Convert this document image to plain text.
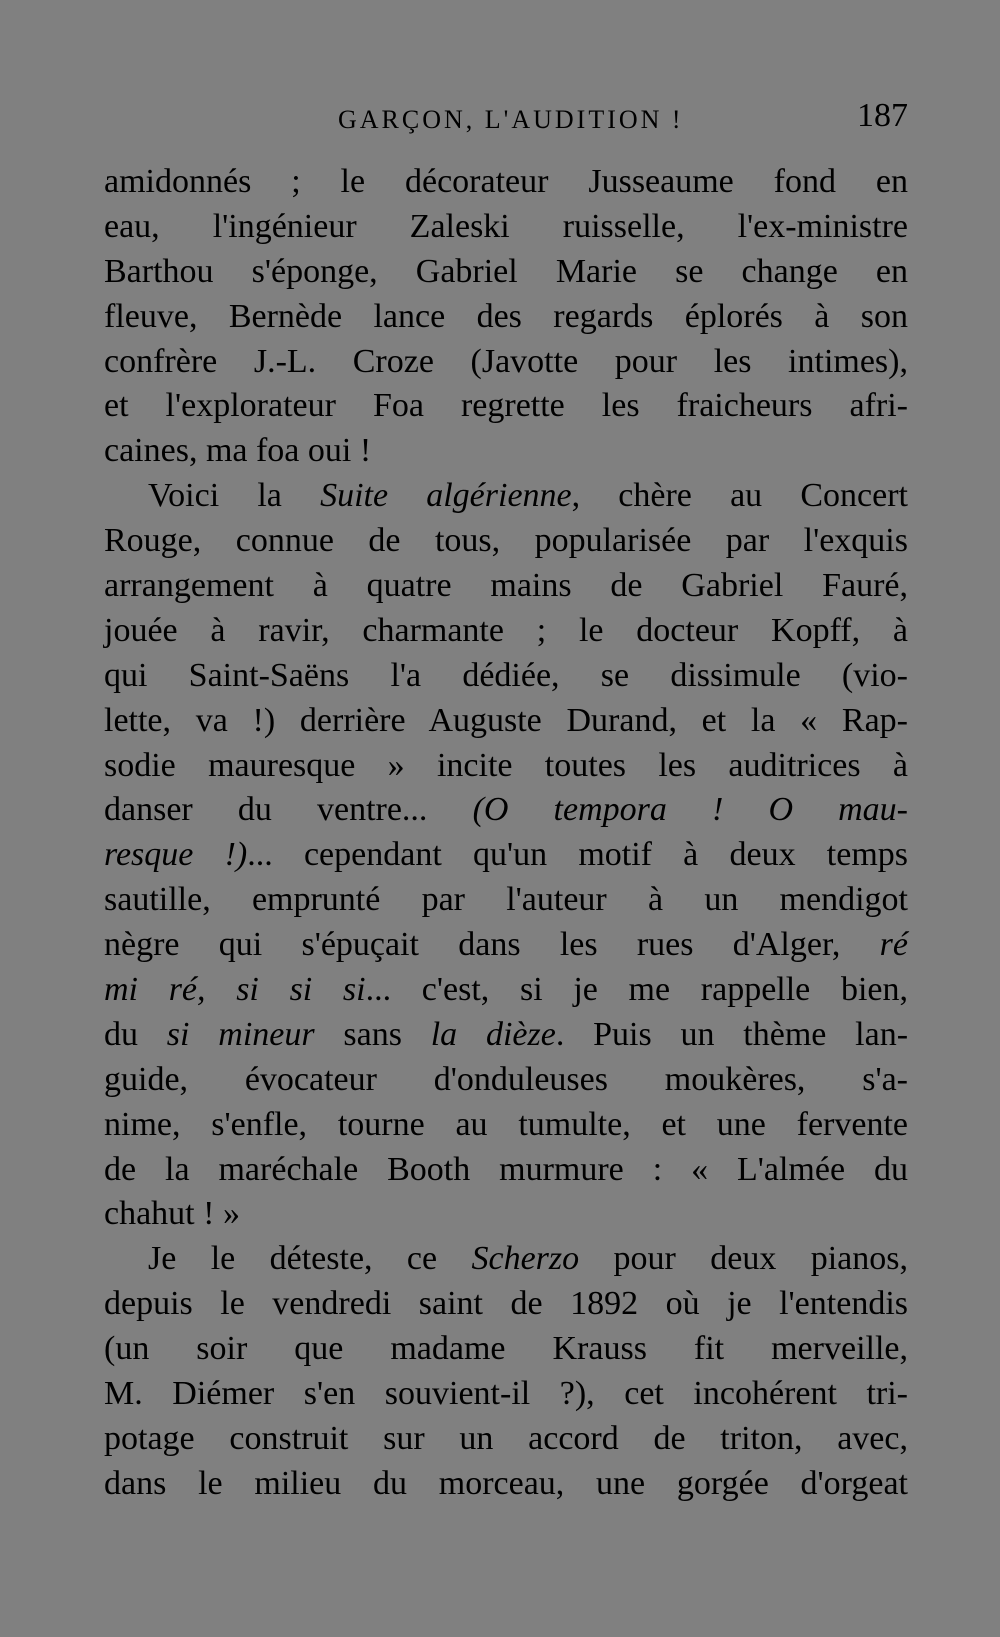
GARÇON, L'AUDITION !	187
amidonnés ; le décorateur Jusseaume fond en
eau, l'ingénieur Zaleski ruisselle, l'ex-ministre
Barthou s'éponge, Gabriel Marie se change en
fleuve, Bernède lance des regards éplorés à son
confrère J.-L. Croze (Javotte pour les intimes),
et l'explorateur Foa regrette les fraicheurs afri-
caines, ma foa oui !
Voici la Suite algérienne, chère au Concert
Rouge, connue de tous, popularisée par l'exquis
arrangement à quatre mains de Gabriel Fauré,
jouée à ravir, charmante ; le docteur Kopff, à
qui Saint-Saëns l'a dédiée, se dissimule (vio-
lette, va !) derrière Auguste Durand, et la « Rap-
sodie mauresque » incite toutes les auditrices à
danser du ventre... (O tempora ! O mau-
resque !)... cependant qu'un motif à deux temps
sautille, emprunté par l'auteur à un mendigot
nègre qui s'épuçait dans les rues d'Alger, ré
mi ré, si si si... c'est, si je me rappelle bien,
du si mineur sans la dièze. Puis un thème lan-
guide, évocateur d'onduleuses moukères, s'a-
nime, s'enfle, tourne au tumulte, et une fervente
de la maréchale Booth murmure : « L'almée du
chahut ! »
Je le déteste, ce Scherzo pour deux pianos,
depuis le vendredi saint de 1892 où je l'entendis
(un soir que madame Krauss fit merveille,
M. Diémer s'en souvient-il ?), cet incohérent tri-
potage construit sur un accord de triton, avec,
dans le milieu du morceau, une gorgée d'orgeat
